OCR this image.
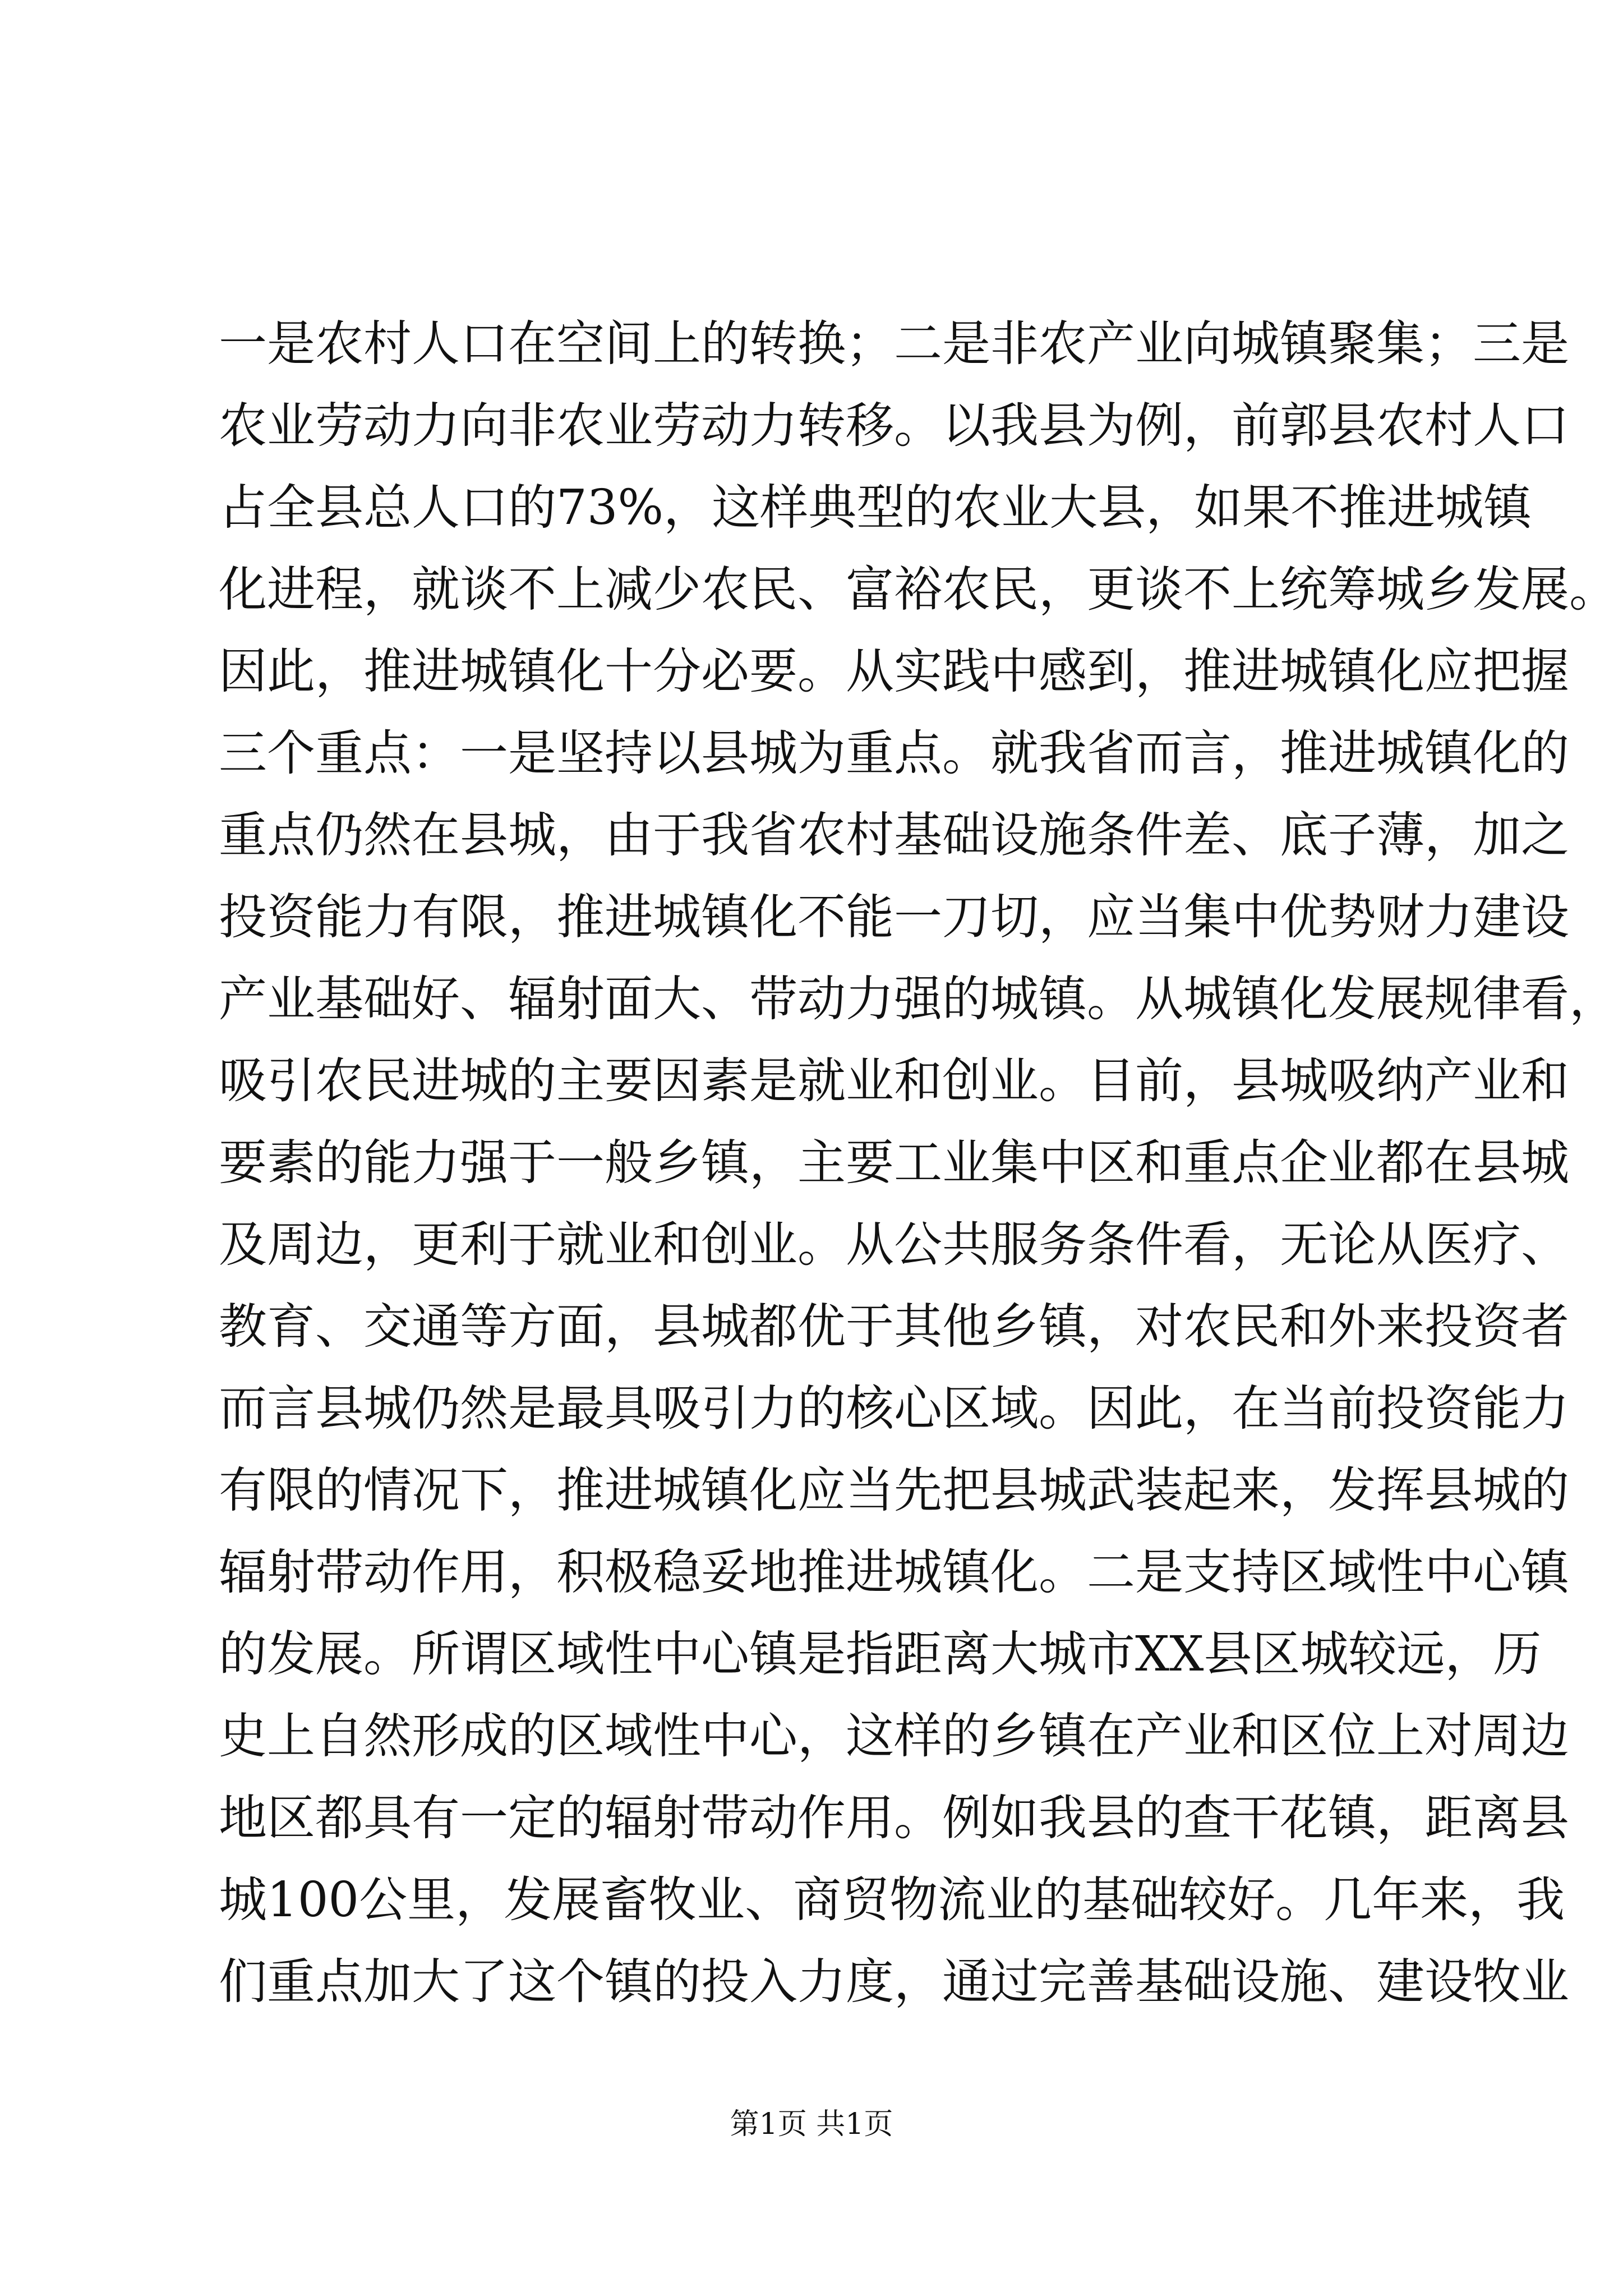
一是农村人口在空间上的转换；二是非农产业向城镇聚集；三是
农业劳动力向非农业劳动力转移。以我县为例，前郭县农村人口
占全县总人口的73%，这样典型的农业大县，如果不推进城镇
化进程，就谈不上减少农民、富裕农民，更谈不上统筹城乡发展。
因此，推进城镇化十分必要。从实践中感到，推进城镇化应把握
三个重点：一是坚持以县城为重点。就我省而言，推进城镇化的
重点仍然在县城，由于我省农村基础设施条件差、底子薄，加之
投资能力有限，推进城镇化不能一刀切，应当集中优势财力建设
产业基础好、辐射面大、带动力强的城镇。从城镇化发展规律看，
吸引农民进城的主要因素是就业和创业。目前，县城吸纳产业和
要素的能力强于一般乡镇，主要工业集中区和重点企业都在县城
及周边，更利于就业和创业。从公共服务条件看，无论从医疗、
教育、交通等方面，县城都优于其他乡镇，对农民和外来投资者
而言县城仍然是最具吸引力的核心区域。因此，在当前投资能力
有限的情况下，推进城镇化应当先把县城武装起来，发挥县城的
辐射带动作用，积极稳妥地推进城镇化。二是支持区域性中心镇
的发展。所谓区域性中心镇是指距离大城市XX县区城较远，历
史上自然形成的区域性中心，这样的乡镇在产业和区位上对周边
地区都具有一定的辐射带动作用。例如我县的查干花镇，距离县
城100公里，发展畜牧业、商贸物流业的基础较好。几年来，我
们重点加大了这个镇的投入力度，通过完善基础设施、建设牧业
第1页 共1页
